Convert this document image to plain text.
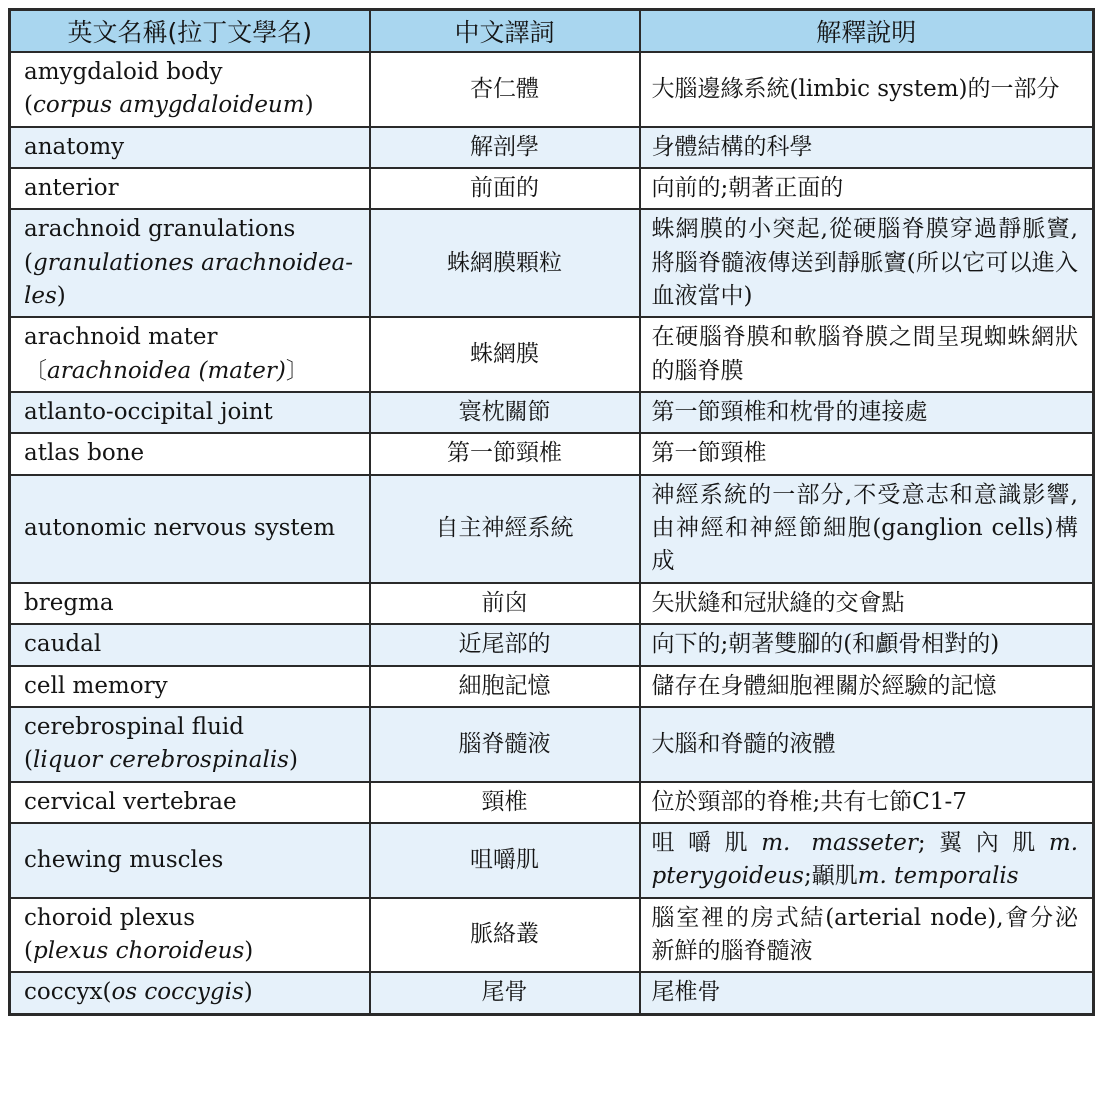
英文名稱(拉丁文學名)	中文譯詞	解釋說明
amygdaloid body
(corpus amygdaloideum)	杏仁體	大腦邊緣系統(limbic system)的一部分
anatomy	解剖學	身體結構的科學
anterior	前面的	向前的;朝著正面的
arachnoid granulations
(granulationes arachnoidea-
les)	蛛網膜顆粒	蛛網膜的小突起,從硬腦脊膜穿過靜脈竇,將腦脊髓液傳送到靜脈竇(所以它可以進入血液當中)
arachnoid mater
〔arachnoidea (mater)〕	蛛網膜	在硬腦脊膜和軟腦脊膜之間呈現蜘蛛網狀的腦脊膜
atlanto-occipital joint	寰枕關節	第一節頸椎和枕骨的連接處
atlas bone	第一節頸椎	第一節頸椎
autonomic nervous system	自主神經系統	神經系統的一部分,不受意志和意識影響,由神經和神經節細胞(ganglion cells)構成
bregma	前囟	矢狀縫和冠狀縫的交會點
caudal	近尾部的	向下的;朝著雙腳的(和顱骨相對的)
cell memory	細胞記憶	儲存在身體細胞裡關於經驗的記憶
cerebrospinal fluid
(liquor cerebrospinalis)	腦脊髓液	大腦和脊髓的液體
cervical vertebrae	頸椎	位於頸部的脊椎;共有七節C1-7
chewing muscles	咀嚼肌	咀嚼肌m. masseter;翼內肌m. pterygoideus;顳肌m. temporalis
choroid plexus
(plexus choroideus)	脈絡叢	腦室裡的房式結(arterial node),會分泌新鮮的腦脊髓液
coccyx(os coccygis)	尾骨	尾椎骨
